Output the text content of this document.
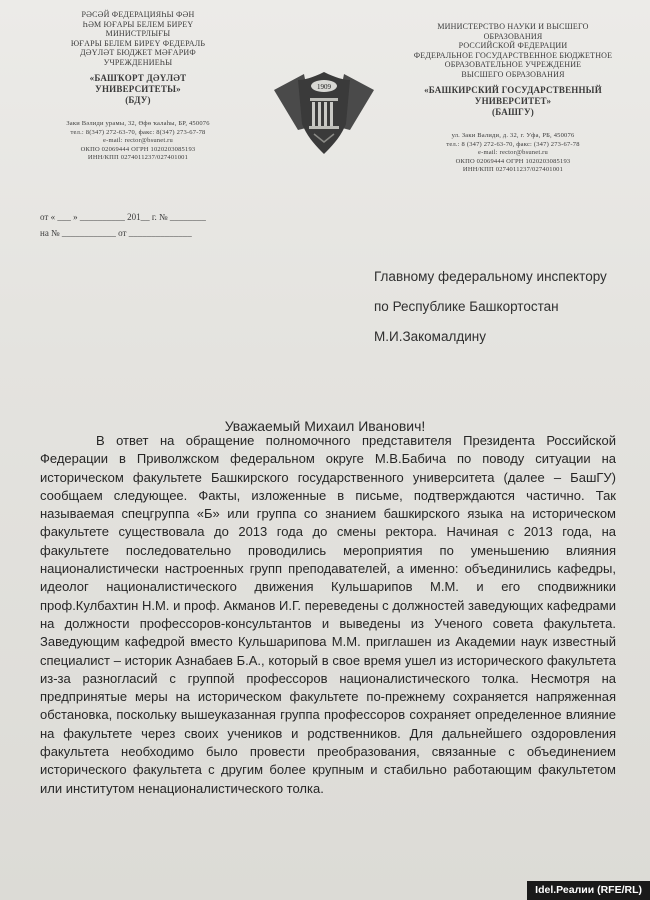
РӘСӘЙ ФЕДЕРАЦИЯҺЫ ФӘН
ҺӘМ ЮҒАРЫ БЕЛЕМ БИРЕҮ
МИНИСТРЛЫҒЫ
ЮҒАРЫ БЕЛЕМ БИРЕҮ ФЕДЕРАЛЬ
ДӘҮЛӘТ БЮДЖЕТ МӘҒАРИФ
УЧРЕЖДЕНИЕҺЫ
«БАШҠОРТ ДӘҮЛӘТ
УНИВЕРСИТЕТЫ»
(БДУ)
Заки Вәлиди урамы, 32, Өфө ҡалаһы, БР, 450076
тел.: 8(347) 272-63-70, факс: 8(347) 273-67-78
e-mail: rector@bsunet.ru
ОКПО 02069444 ОГРН 1020203085193
ИНН/КПП 0274011237/027401001
1909
МИНИСТЕРСТВО НАУКИ И ВЫСШЕГО
ОБРАЗОВАНИЯ
РОССИЙСКОЙ ФЕДЕРАЦИИ
ФЕДЕРАЛЬНОЕ ГОСУДАРСТВЕННОЕ БЮДЖЕТНОЕ
ОБРАЗОВАТЕЛЬНОЕ УЧРЕЖДЕНИЕ
ВЫСШЕГО ОБРАЗОВАНИЯ
«БАШКИРСКИЙ ГОСУДАРСТВЕННЫЙ
УНИВЕРСИТЕТ»
(БАШГУ)
ул. Заки Валиди, д. 32, г. Уфа, РБ, 450076
тел.: 8 (347) 272-63-70, факс: (347) 273-67-78
e-mail: rector@bsunet.ru
ОКПО 02069444 ОГРН 1020203085193
ИНН/КПП 0274011237/027401001
от « ___ » __________ 201__ г. № ________
на № ____________ от ______________
Главному федеральному инспектору
по Республике Башкортостан
М.И.Закомалдину
Уважаемый Михаил Иванович!

В ответ на обращение полномочного представителя Президента Российской Федерации в Приволжском федеральном округе М.В.Бабича по поводу ситуации на историческом факультете Башкирского государственного университета (далее – БашГУ) сообщаем следующее. Факты, изложенные в письме, подтверждаются частично. Так называемая спецгруппа «Б» или группа со знанием башкирского языка на историческом факультете существовала до 2013 года до смены ректора. Начиная с 2013 года, на факультете последовательно проводились мероприятия по уменьшению влияния националистически настроенных групп преподавателей, а именно: объединились кафедры, идеолог националистического движения Кульшарипов М.М. и его сподвижники проф.Кулбахтин Н.М. и проф. Акманов И.Г. переведены с должностей заведующих кафедрами на должности профессоров-консультантов и выведены из Ученого совета факультета. Заведующим кафедрой вместо Кульшарипова М.М. приглашен из Академии наук известный специалист – историк Азнабаев Б.А., который в свое время ушел из исторического факультета из-за разногласий с группой профессоров националистического толка. Несмотря на предпринятые меры на историческом факультете по-прежнему сохраняется напряженная обстановка, поскольку вышеуказанная группа профессоров сохраняет определенное влияние на факультете через своих учеников и родственников. Для дальнейшего оздоровления факультета необходимо было провести преобразования, связанные с объединением исторического факультета с другим более крупным и стабильно работающим факультетом или институтом ненационалистического толка.

Idel.Реалии (RFE/RL)
